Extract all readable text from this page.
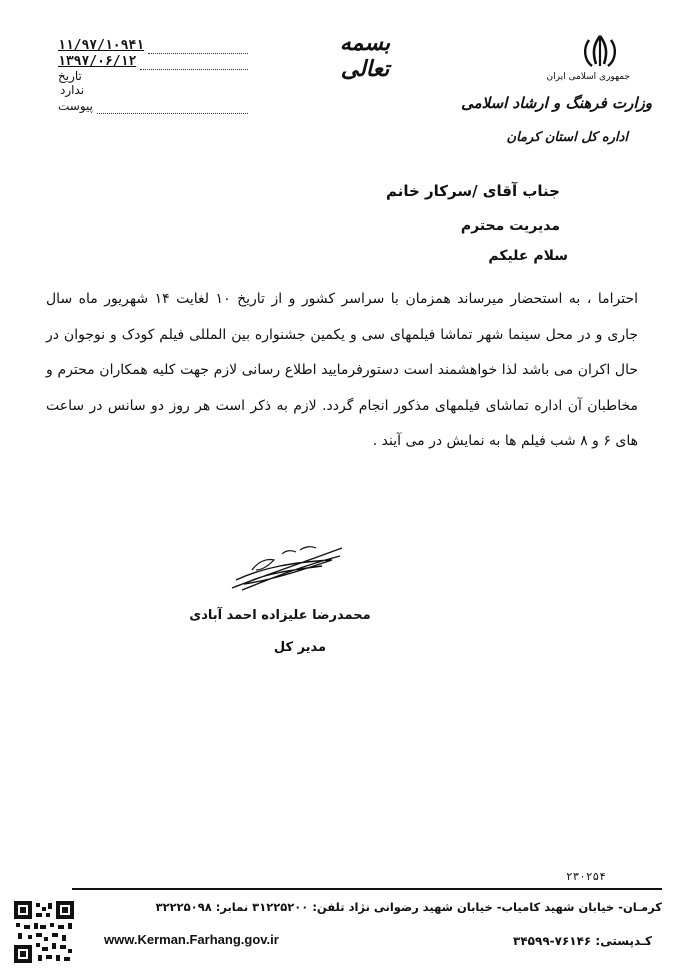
۱۱/۹۷/۱۰۹۴۱
۱۳۹۷/۰۶/۱۲
تاریخ
ندارد
پیوست
بسمه تعالی	جمهوری اسلامی ایران
وزارت فرهنگ و ارشاد اسلامی
اداره کل استان کرمان
جناب آقای /سرکار خانم
مدیریت محترم
سلام علیکم
احتراما ، به استحضار میرساند همزمان با سراسر کشور و از تاریخ ۱۰ لغایت ۱۴ شهریور ماه سال جاری و در محل سینما شهر تماشا فیلمهای سی و یکمین جشنواره بین المللی فیلم کودک و نوجوان در حال اکران می باشد لذا خواهشمند است دستورفرمایید اطلاع رسانی لازم جهت کلیه همکاران محترم و مخاطبان آن اداره تماشای فیلمهای مذکور انجام گردد. لازم به ذکر است هر روز دو سانس در ساعت های ۶ و ۸ شب فیلم ها به نمایش در می آیند .
محمدرضا علیزاده احمد آبادی
مدیر کل
۲۳۰۲۵۴
کرمـان- خیابان شهید کامیاب- خیابان شهید رضوانی نژاد تلفن: ۳۱۲۲۵۲۰۰ نمابر: ۳۲۲۲۵۰۹۸
www.Kerman.Farhang.gov.ir	کـدپستی: ۷۶۱۴۶-۳۴۵۹۹
